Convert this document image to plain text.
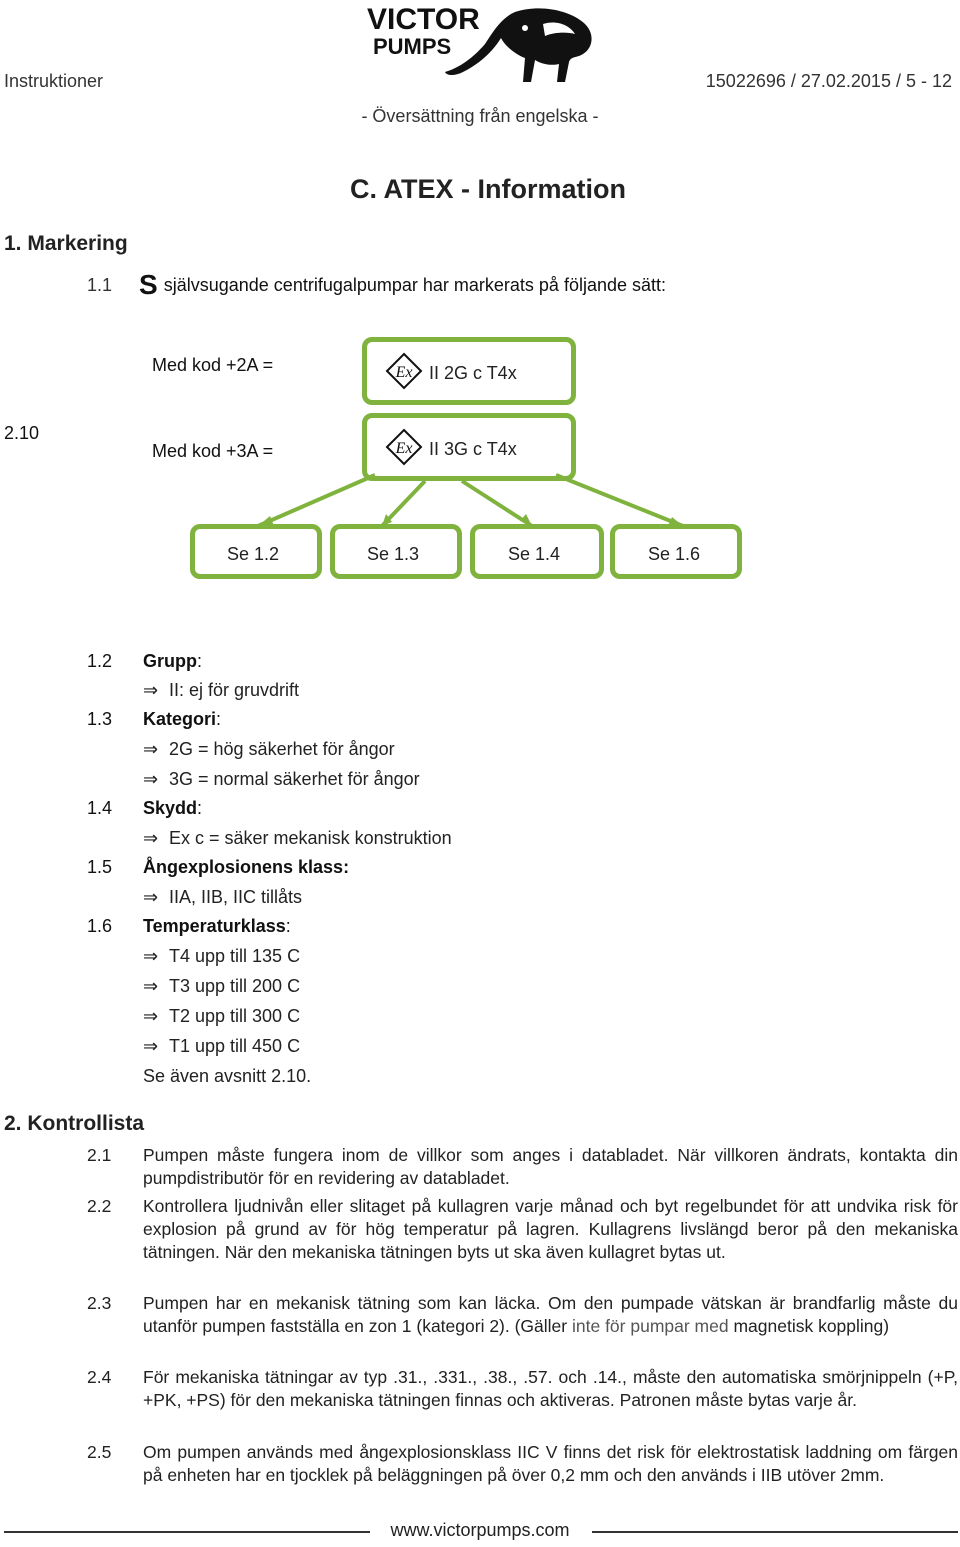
VICTOR
PUMPS
Instruktioner	15022696 / 27.02.2015 / 5 - 12
- Översättning från engelska -
C. ATEX - Information
1. Markering
1.1 S självsugande centrifugalpumpar har markerats på följande sätt:
2.10
Med kod +2A =
Med kod +3A =
Ex II 2G c T4x
Ex II 3G c T4x
Se 1.2	Se 1.3	Se 1.4	Se 1.6
1.2 Grupp:
⇒ II: ej för gruvdrift
1.3 Kategori:
⇒ 2G = hög säkerhet för ångor
⇒ 3G = normal säkerhet för ångor
1.4 Skydd:
⇒ Ex c = säker mekanisk konstruktion
1.5 Ångexplosionens klass:
⇒ IIA, IIB, IIC tillåts
1.6 Temperaturklass:
⇒ T4 upp till 135 C
⇒ T3 upp till 200 C
⇒ T2 upp till 300 C
⇒ T1 upp till 450 C
Se även avsnitt 2.10.
2. Kontrollista
2.1 Pumpen måste fungera inom de villkor som anges i databladet. När villkoren ändrats, kontakta din pumpdistributör för en revidering av databladet.
2.2 Kontrollera ljudnivån eller slitaget på kullagren varje månad och byt regelbundet för att undvika risk för explosion på grund av för hög temperatur på lagren. Kullagrens livslängd beror på den mekaniska tätningen. När den mekaniska tätningen byts ut ska även kullagret bytas ut.
2.3 Pumpen har en mekanisk tätning som kan läcka. Om den pumpade vätskan är brandfarlig måste du utanför pumpen fastställa en zon 1 (kategori 2). (Gäller inte för pumpar med magnetisk koppling)
2.4 För mekaniska tätningar av typ .31., .331., .38., .57. och .14., måste den automatiska smörjnippeln (+P, +PK, +PS) för den mekaniska tätningen finnas och aktiveras. Patronen måste bytas varje år.
2.5 Om pumpen används med ångexplosionsklass IIC V finns det risk för elektrostatisk laddning om färgen på enheten har en tjocklek på beläggningen på över 0,2 mm och den används i IIB utöver 2mm.
www.victorpumps.com
